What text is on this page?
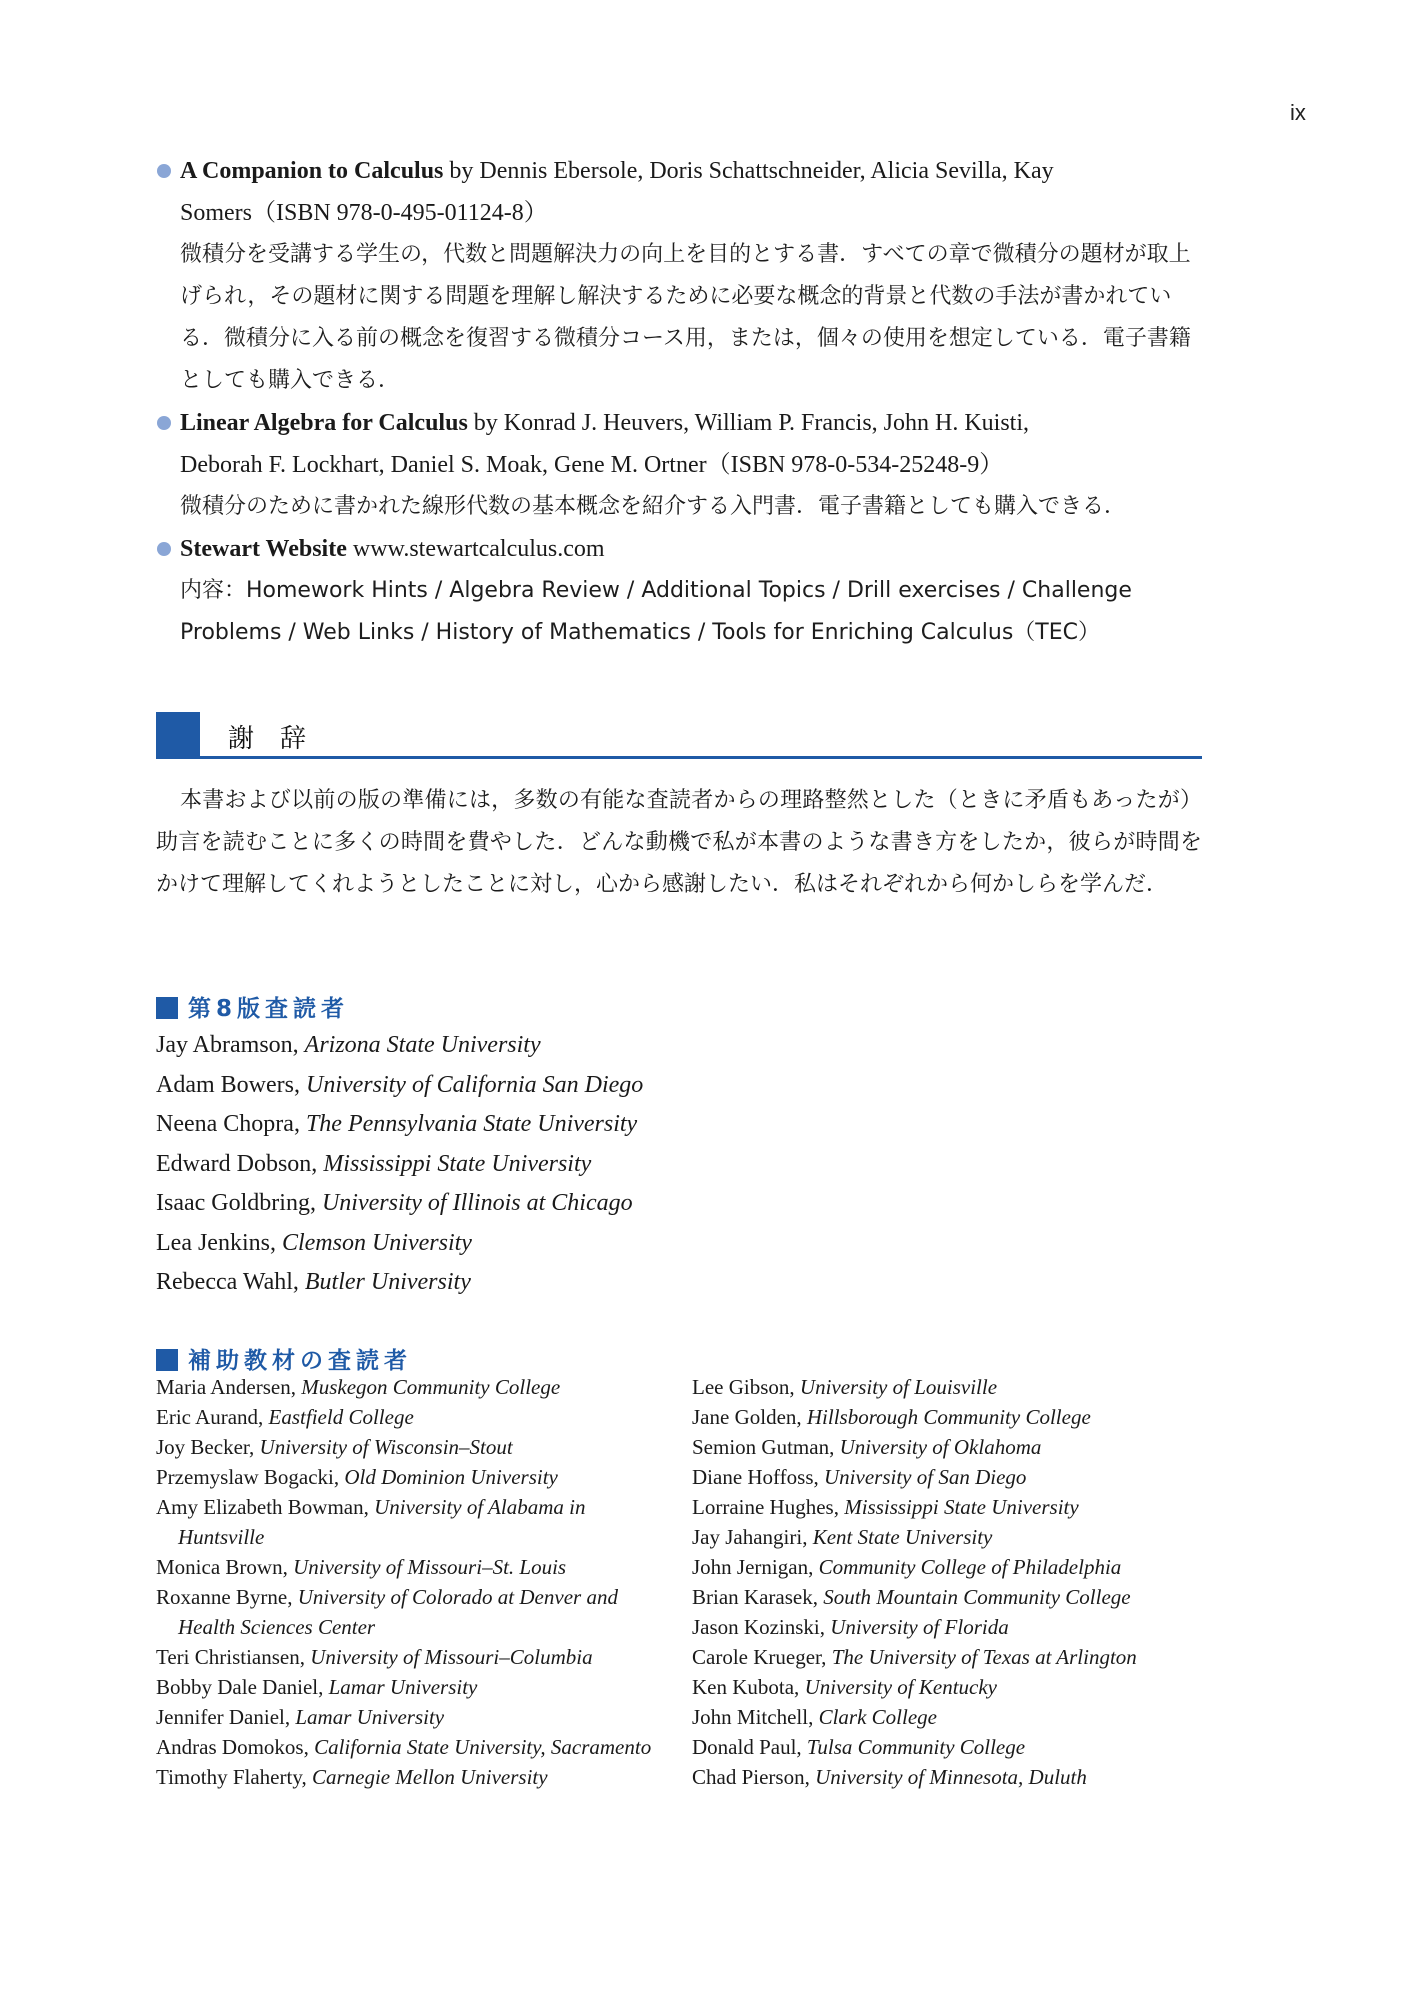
ix
A Companion to Calculus by Dennis Ebersole, Doris Schattschneider, Alicia Sevilla, Kay
Somers（ISBN 978-0-495-01124-8）
微積分を受講する学生の，代数と問題解決力の向上を目的とする書．すべての章で微積分の題材が取上げられ，その題材に関する問題を理解し解決するために必要な概念的背景と代数の手法が書かれている．微積分に入る前の概念を復習する微積分コース用，または，個々の使用を想定している．電子書籍としても購入できる．
Linear Algebra for Calculus by Konrad J. Heuvers, William P. Francis, John H. Kuisti,
Deborah F. Lockhart, Daniel S. Moak, Gene M. Ortner（ISBN 978-0-534-25248-9）
微積分のために書かれた線形代数の基本概念を紹介する入門書．電子書籍としても購入できる．
Stewart Website www.stewartcalculus.com
内容：Homework Hints / Algebra Review / Additional Topics / Drill exercises / Challenge Problems / Web Links / History of Mathematics / Tools for Enriching Calculus（TEC）
謝辞
本書および以前の版の準備には，多数の有能な査読者からの理路整然とした（ときに矛盾もあったが）助言を読むことに多くの時間を費やした．どんな動機で私が本書のような書き方をしたか，彼らが時間をかけて理解してくれようとしたことに対し，心から感謝したい．私はそれぞれから何かしらを学んだ．
第8版査読者
Jay Abramson, Arizona State University
Adam Bowers, University of California San Diego
Neena Chopra, The Pennsylvania State University
Edward Dobson, Mississippi State University
Isaac Goldbring, University of Illinois at Chicago
Lea Jenkins, Clemson University
Rebecca Wahl, Butler University
補助教材の査読者
Maria Andersen, Muskegon Community College
Eric Aurand, Eastfield College
Joy Becker, University of Wisconsin–Stout
Przemyslaw Bogacki, Old Dominion University
Amy Elizabeth Bowman, University of Alabama in Huntsville
Monica Brown, University of Missouri–St. Louis
Roxanne Byrne, University of Colorado at Denver and Health Sciences Center
Teri Christiansen, University of Missouri–Columbia
Bobby Dale Daniel, Lamar University
Jennifer Daniel, Lamar University
Andras Domokos, California State University, Sacramento
Timothy Flaherty, Carnegie Mellon University
Lee Gibson, University of Louisville
Jane Golden, Hillsborough Community College
Semion Gutman, University of Oklahoma
Diane Hoffoss, University of San Diego
Lorraine Hughes, Mississippi State University
Jay Jahangiri, Kent State University
John Jernigan, Community College of Philadelphia
Brian Karasek, South Mountain Community College
Jason Kozinski, University of Florida
Carole Krueger, The University of Texas at Arlington
Ken Kubota, University of Kentucky
John Mitchell, Clark College
Donald Paul, Tulsa Community College
Chad Pierson, University of Minnesota, Duluth
